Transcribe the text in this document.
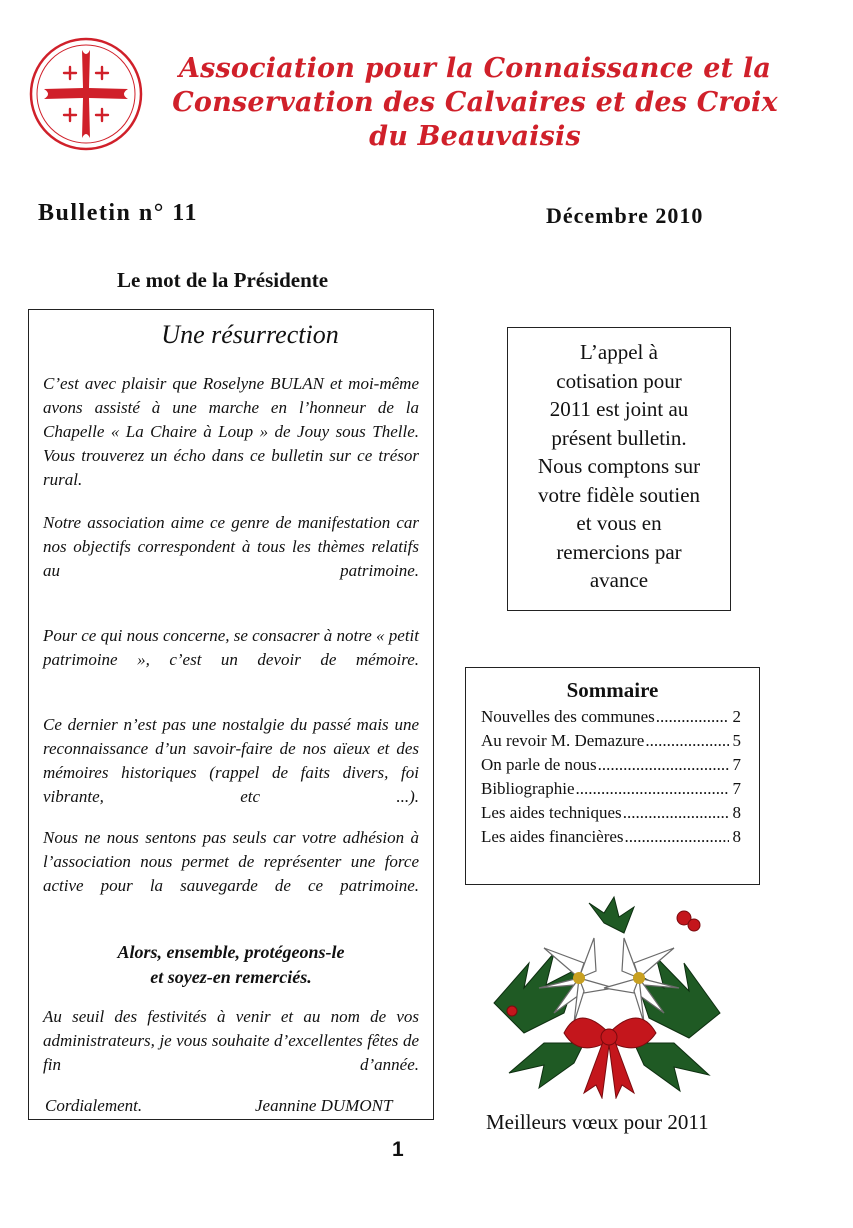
Association pour la Connaissance et la
Conservation des Calvaires et des Croix
du Beauvaisis
Bulletin n° 11	Décembre 2010
Le mot de la Présidente
Une résurrection
C’est avec plaisir que Roselyne BULAN et moi-même avons assisté à une marche en l’honneur de la Chapelle « La Chaire à Loup » de Jouy sous Thelle. Vous trouverez un écho dans ce bulletin sur ce trésor rural.
Notre association aime ce genre de manifestation car nos objectifs correspondent à tous les thèmes relatifs au patrimoine.
Pour ce qui nous concerne, se consacrer à notre « petit patrimoine », c’est un devoir de mémoire.
Ce dernier n’est pas une nostalgie du passé mais une reconnaissance d’un savoir-faire de nos aïeux et des mémoires historiques (rappel de faits divers, foi vibrante, etc ...).
Nous ne nous sentons pas seuls car votre adhésion à l’association nous permet de représenter une force active pour la sauvegarde de ce patrimoine.
Alors, ensemble, protégeons-le
et soyez-en remerciés.
Au seuil des festivités à venir et au nom de vos administrateurs, je vous souhaite d’excellentes fêtes de fin d’année.
Cordialement.	Jeannine DUMONT
L’appel à
cotisation pour
2011 est joint au
présent bulletin.
Nous comptons sur
votre fidèle soutien
et vous en
remercions par
avance
Sommaire
Nouvelles des communes .....	2
Au revoir M. Demazure .....	5
On parle de nous .....	7
Bibliographie .....	7
Les aides techniques .....	8
Les aides financières .....	8
Meilleurs vœux pour 2011
1
